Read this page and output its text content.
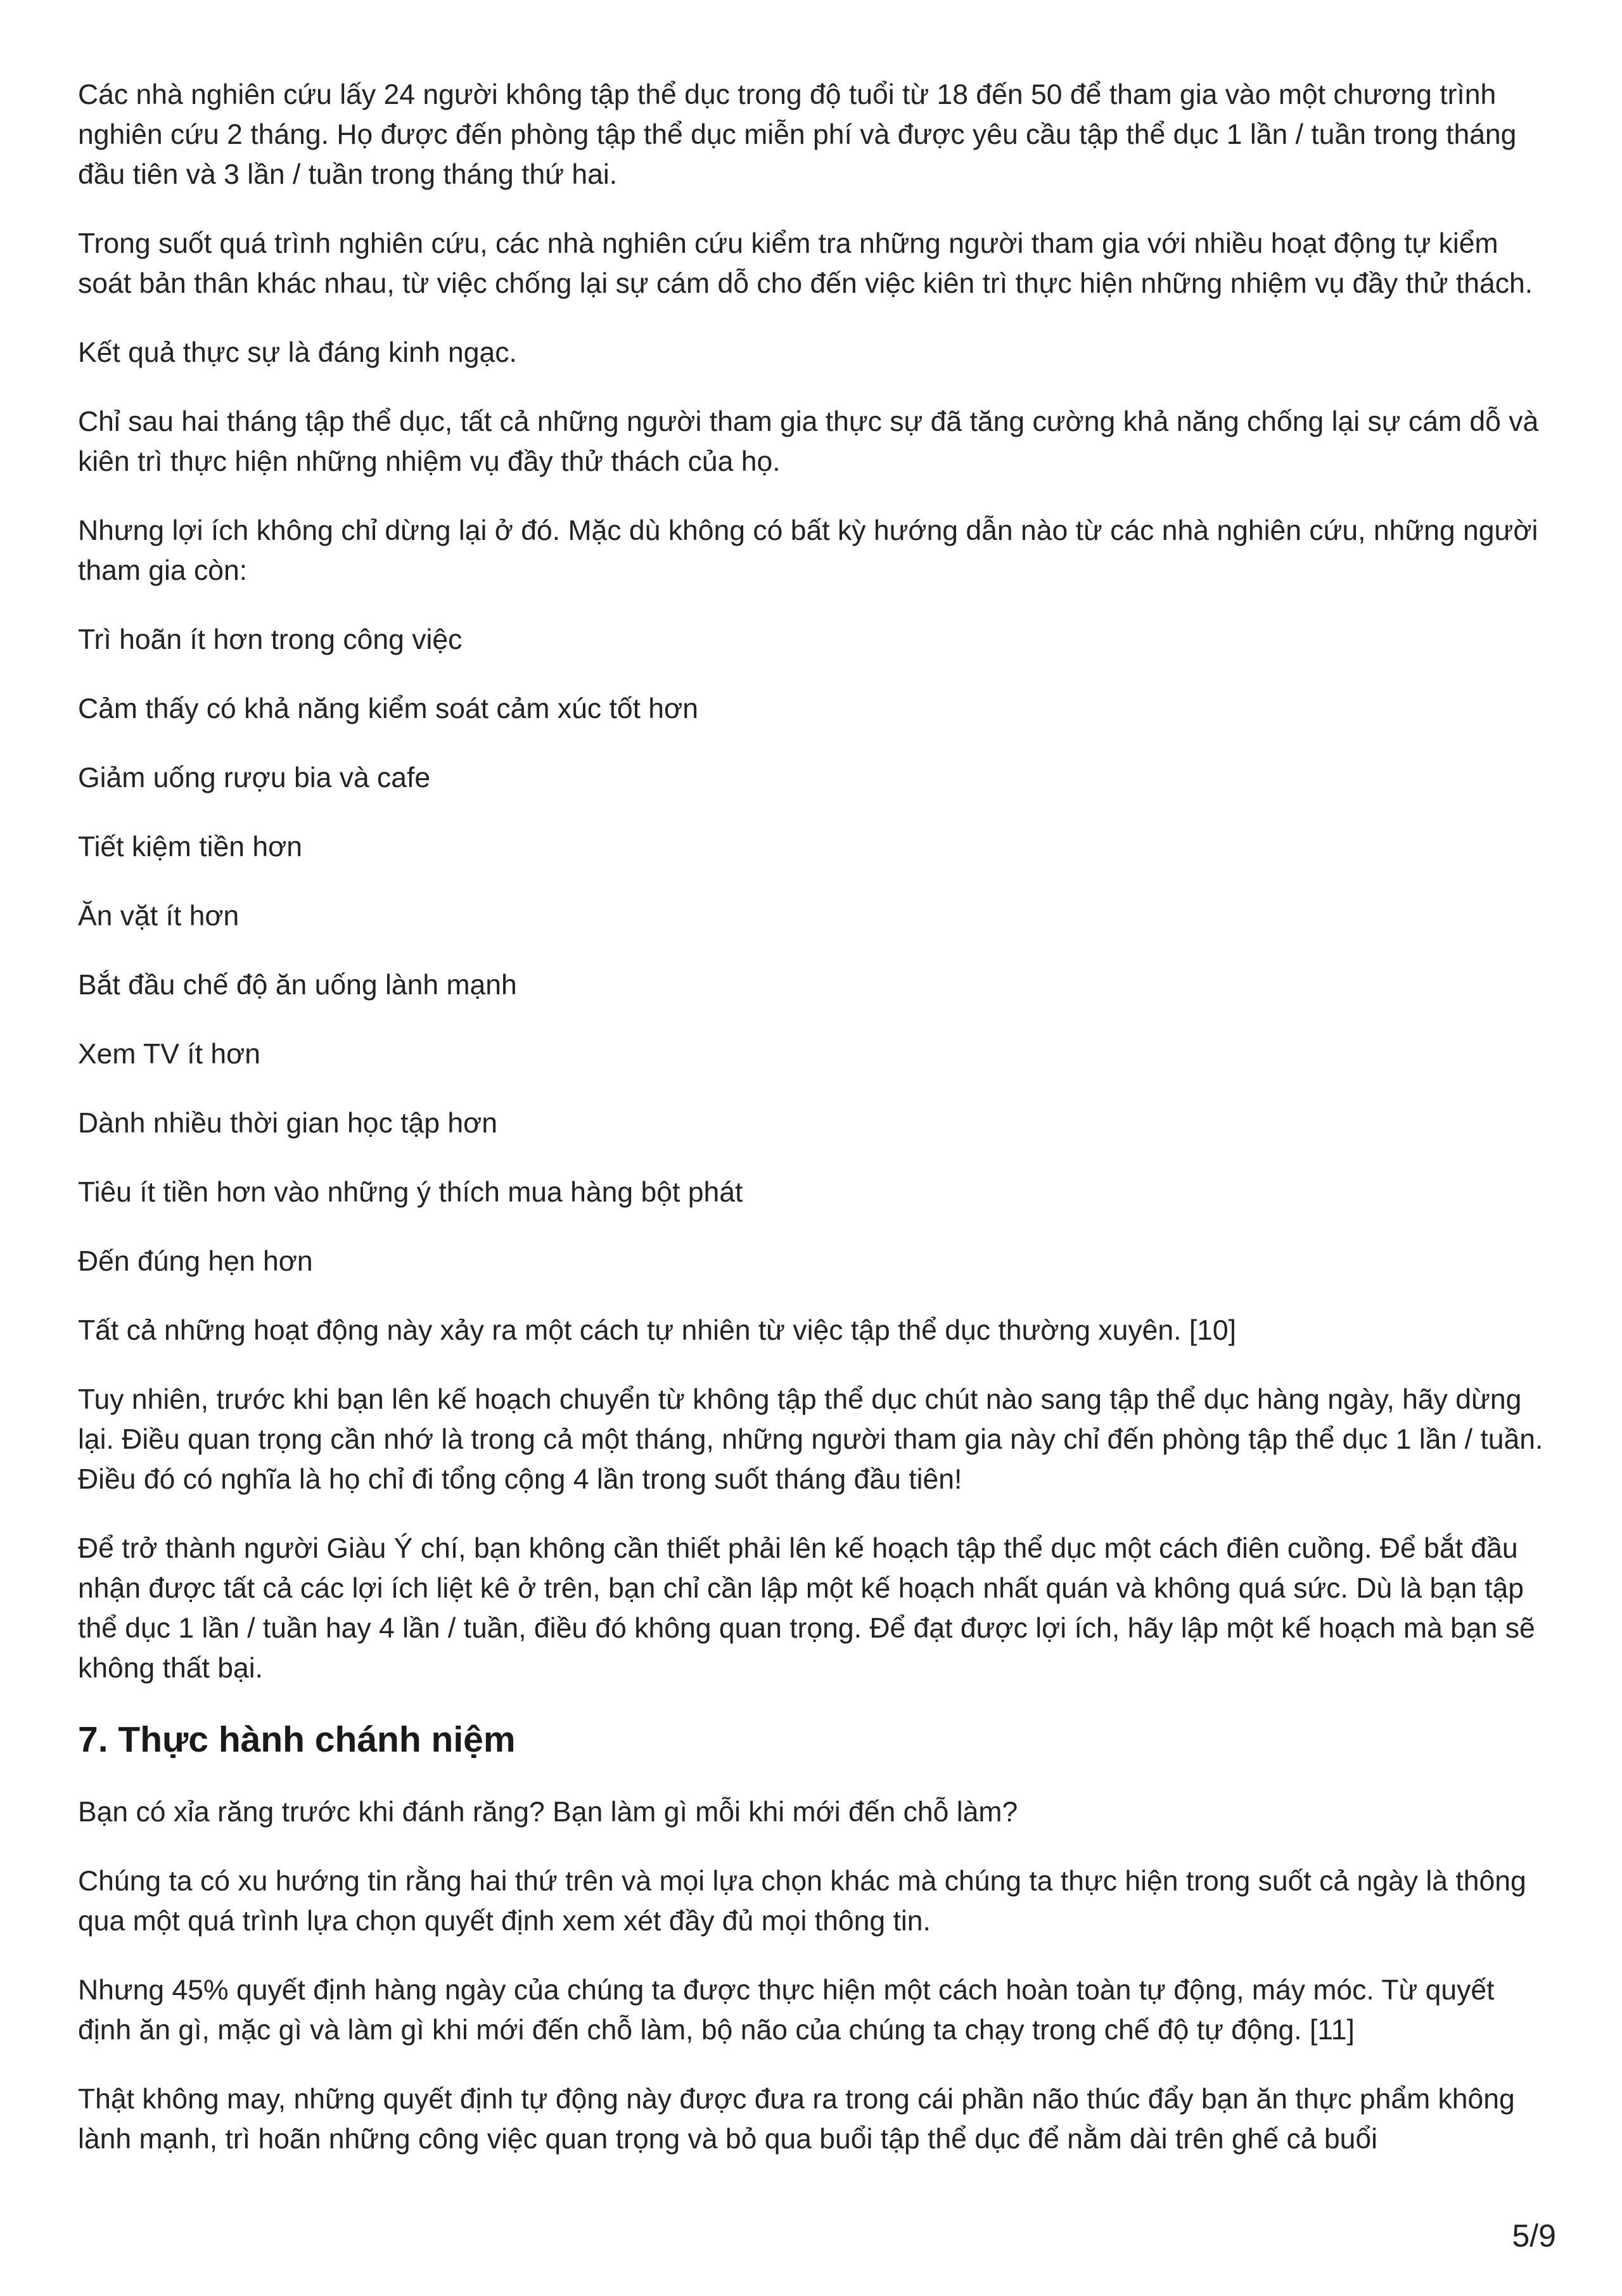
Các nhà nghiên cứu lấy 24 người không tập thể dục trong độ tuổi từ 18 đến 50 để tham gia vào một chương trình nghiên cứu 2 tháng. Họ được đến phòng tập thể dục miễn phí và được yêu cầu tập thể dục 1 lần / tuần trong tháng đầu tiên và 3 lần / tuần trong tháng thứ hai.

Trong suốt quá trình nghiên cứu, các nhà nghiên cứu kiểm tra những người tham gia với nhiều hoạt động tự kiểm soát bản thân khác nhau, từ việc chống lại sự cám dỗ cho đến việc kiên trì thực hiện những nhiệm vụ đầy thử thách.

Kết quả thực sự là đáng kinh ngạc.

Chỉ sau hai tháng tập thể dục, tất cả những người tham gia thực sự đã tăng cường khả năng chống lại sự cám dỗ và kiên trì thực hiện những nhiệm vụ đầy thử thách của họ.

Nhưng lợi ích không chỉ dừng lại ở đó. Mặc dù không có bất kỳ hướng dẫn nào từ các nhà nghiên cứu, những người tham gia còn:

Trì hoãn ít hơn trong công việc

Cảm thấy có khả năng kiểm soát cảm xúc tốt hơn

Giảm uống rượu bia và cafe

Tiết kiệm tiền hơn

Ăn vặt ít hơn

Bắt đầu chế độ ăn uống lành mạnh

Xem TV ít hơn

Dành nhiều thời gian học tập hơn

Tiêu ít tiền hơn vào những ý thích mua hàng bột phát

Đến đúng hẹn hơn

Tất cả những hoạt động này xảy ra một cách tự nhiên từ việc tập thể dục thường xuyên. [10]

Tuy nhiên, trước khi bạn lên kế hoạch chuyển từ không tập thể dục chút nào sang tập thể dục hàng ngày, hãy dừng lại. Điều quan trọng cần nhớ là trong cả một tháng, những người tham gia này chỉ đến phòng tập thể dục 1 lần / tuần. Điều đó có nghĩa là họ chỉ đi tổng cộng 4 lần trong suốt tháng đầu tiên!

Để trở thành người Giàu Ý chí, bạn không cần thiết phải lên kế hoạch tập thể dục một cách điên cuồng. Để bắt đầu nhận được tất cả các lợi ích liệt kê ở trên, bạn chỉ cần lập một kế hoạch nhất quán và không quá sức. Dù là bạn tập thể dục 1 lần / tuần hay 4 lần / tuần, điều đó không quan trọng. Để đạt được lợi ích, hãy lập một kế hoạch mà bạn sẽ không thất bại.

7. Thực hành chánh niệm

Bạn có xỉa răng trước khi đánh răng? Bạn làm gì mỗi khi mới đến chỗ làm?

Chúng ta có xu hướng tin rằng hai thứ trên và mọi lựa chọn khác mà chúng ta thực hiện trong suốt cả ngày là thông qua một quá trình lựa chọn quyết định xem xét đầy đủ mọi thông tin.

Nhưng 45% quyết định hàng ngày của chúng ta được thực hiện một cách hoàn toàn tự động, máy móc. Từ quyết định ăn gì, mặc gì và làm gì khi mới đến chỗ làm, bộ não của chúng ta chạy trong chế độ tự động. [11]

Thật không may, những quyết định tự động này được đưa ra trong cái phần não thúc đẩy bạn ăn thực phẩm không lành mạnh, trì hoãn những công việc quan trọng và bỏ qua buổi tập thể dục để nằm dài trên ghế cả buổi

5/9
